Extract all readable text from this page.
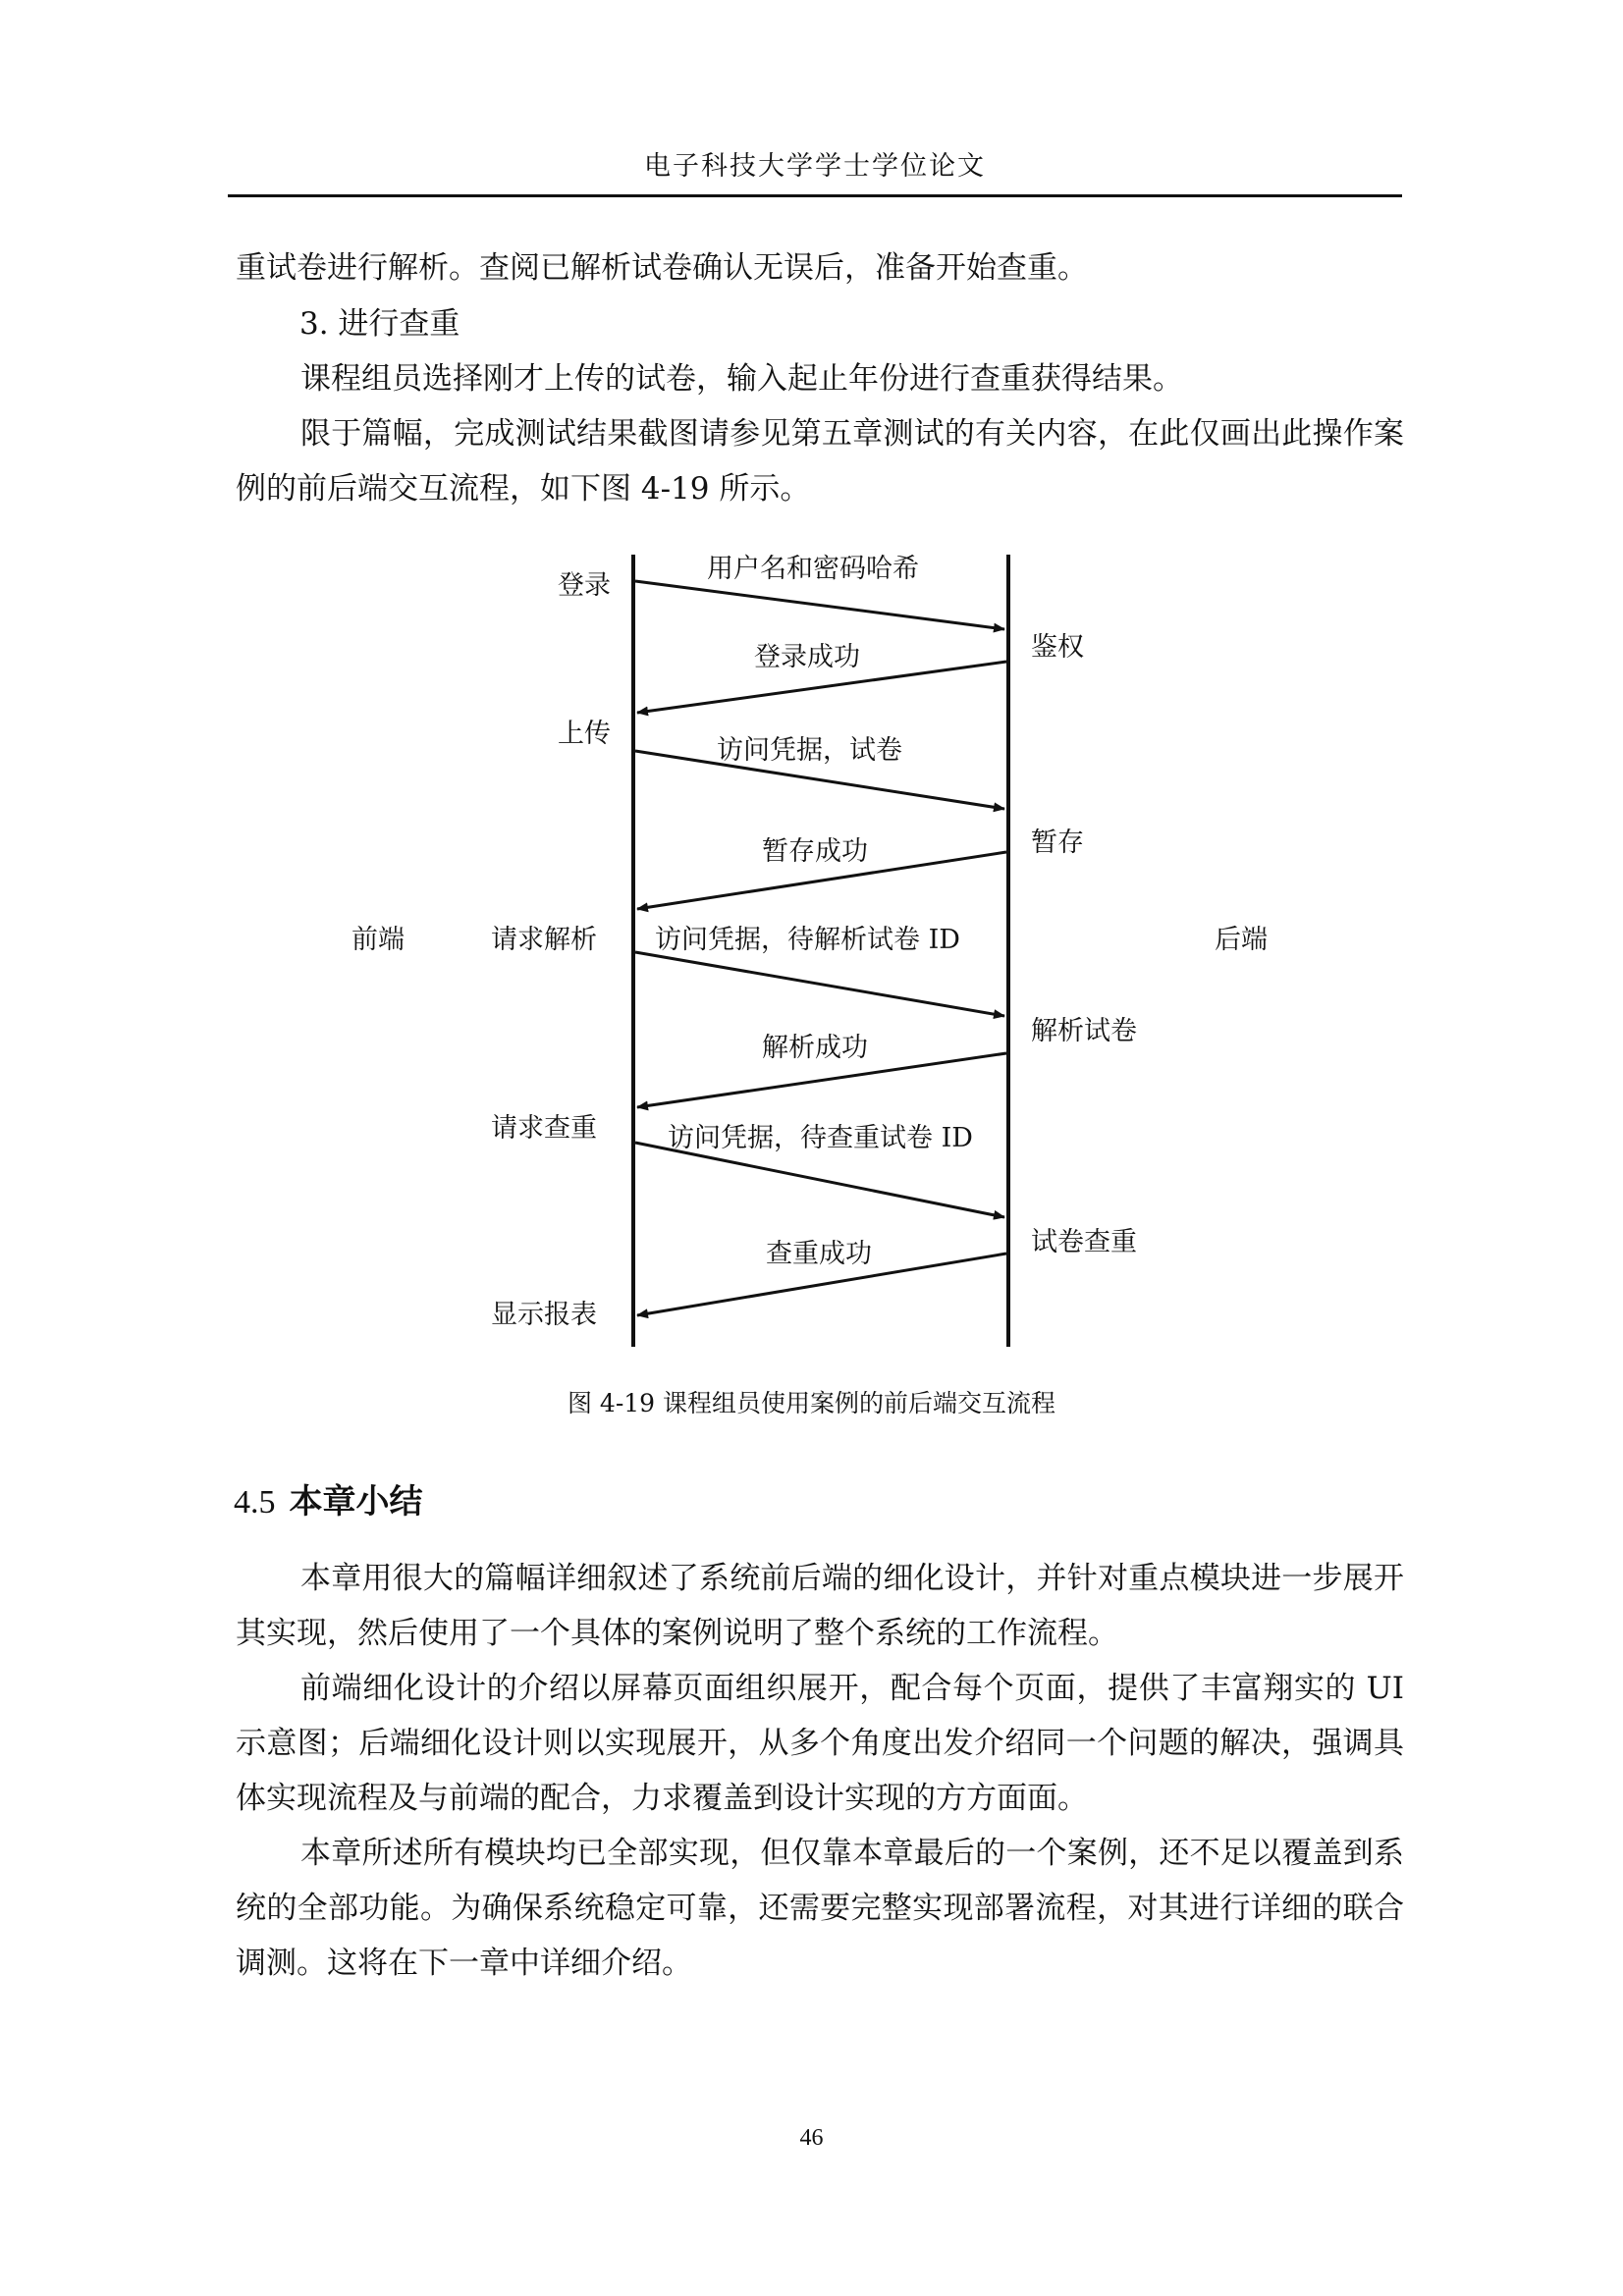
电子科技大学学士学位论文

重试卷进行解析。查阅已解析试卷确认无误后，准备开始查重。

3. 进行查重

课程组员选择刚才上传的试卷，输入起止年份进行查重获得结果。

限于篇幅，完成测试结果截图请参见第五章测试的有关内容，在此仅画出此操作案例的前后端交互流程，如下图 4-19 所示。

前端	后端
登录
上传
请求解析
请求查重
显示报表
鉴权
暂存
解析试卷
试卷查重
用户名和密码哈希
登录成功
访问凭据，试卷
暂存成功
访问凭据，待解析试卷 ID
解析成功
访问凭据，待查重试卷 ID
查重成功
图 4-19 课程组员使用案例的前后端交互流程
4.5 本章小结

本章用很大的篇幅详细叙述了系统前后端的细化设计，并针对重点模块进一步展开其实现，然后使用了一个具体的案例说明了整个系统的工作流程。

前端细化设计的介绍以屏幕页面组织展开，配合每个页面，提供了丰富翔实的 UI 示意图；后端细化设计则以实现展开，从多个角度出发介绍同一个问题的解决，强调具体实现流程及与前端的配合，力求覆盖到设计实现的方方面面。

本章所述所有模块均已全部实现，但仅靠本章最后的一个案例，还不足以覆盖到系统的全部功能。为确保系统稳定可靠，还需要完整实现部署流程，对其进行详细的联合调测。这将在下一章中详细介绍。

46
